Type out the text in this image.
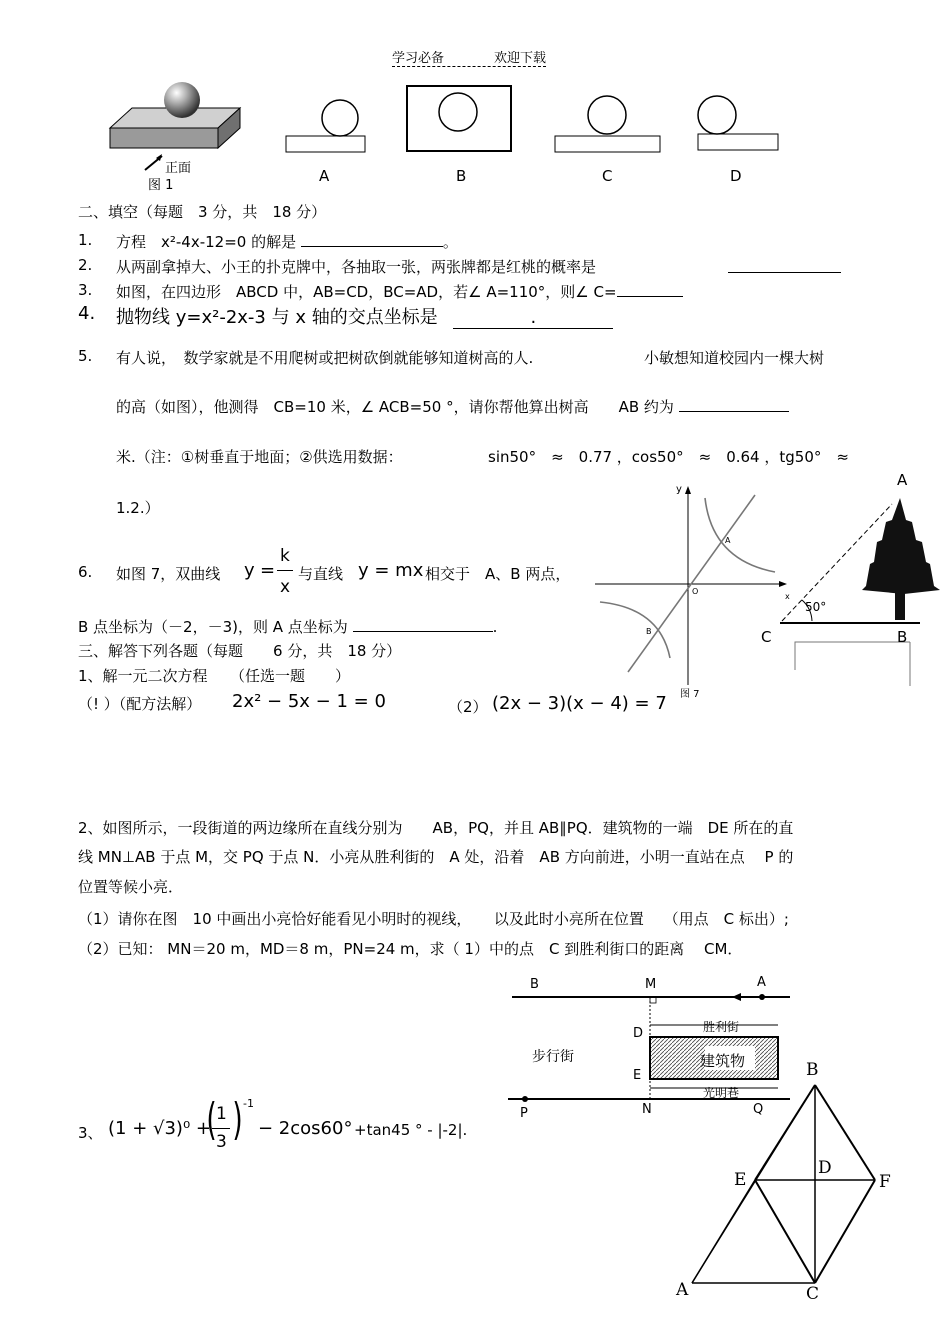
学习必备	欢迎下载
正面
图 1
A	B	C	D
二、填空（每题　3 分，共　18 分）
1. 方程　x²-4x-12=0 的解是	。
2. 从两副拿掉大、小王的扑克牌中，各抽取一张，两张牌都是红桃的概率是
3. 如图，在四边形　ABCD 中，AB=CD，BC=AD，若∠ A=110°，则∠ C=
4. 抛物线 y=x²-2x-3 与 x 轴的交点坐标是	.
5. 有人说，　数学家就是不用爬树或把树砍倒就能够知道树高的人.	小敏想知道校园内一棵大树
的高（如图），他测得　CB=10 米，∠ ACB=50 °，请你帮他算出树高　　AB 约为
米.（注：①树垂直于地面；②供选用数据：	sin50°　≈　0.77 ，cos50°　≈　0.64 ，tg50°　≈
1.2.）
6. 如图 7，双曲线 y =
k
x
与直线 y = mx 相交于　A、B 两点，
B 点坐标为（－2，－3)，则 A 点坐标为	.
y
x
O
A
B
图 7
A
C	B
50°
三、解答下列各题（每题　　6 分，共　18 分）
1、解一元二次方程　　（任选一题　　）
（! ）（配方法解） 2x² − 5x − 1 = 0	（2） (2x − 3)(x − 4) = 7
2、如图所示，一段街道的两边缘所在直线分别为　　AB，PQ，并且 AB∥PQ．建筑物的一端　DE 所在的直
线 MN⊥AB 于点 M，交 PQ 于点 N．小亮从胜利街的　A 处，沿着　AB 方向前进，小明一直站在点　 P 的
位置等候小亮．
（1）请你在图　10 中画出小亮恰好能看见小明时的视线，　　以及此时小亮所在位置　 （用点　C 标出）;
（2）已知： MN＝20 m，MD＝8 m，PN=24 m，求（ 1）中的点　C 到胜利街口的距离　 CM．
B	M	A
D
E
P	N	Q
胜利街
建筑物
步行街
光明巷
3、 (1 + √3)⁰ +
( 1
3 ) -1
− 2cos60° +tan45 ° - |-2|.
B
E
D
F
A	C
